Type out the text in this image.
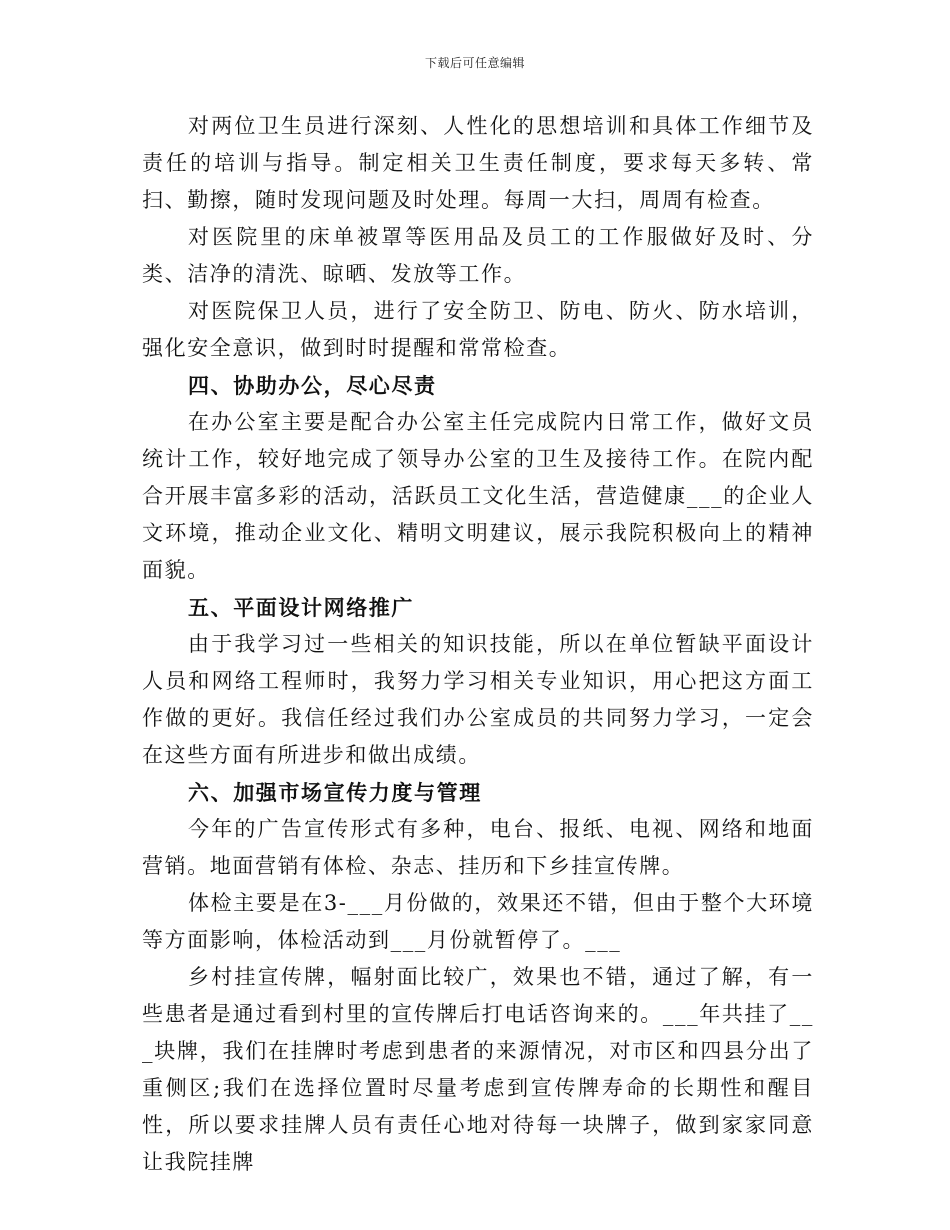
下载后可任意编辑

对两位卫生员进行深刻、人性化的思想培训和具体工作细节及责任的培训与指导。制定相关卫生责任制度，要求每天多转、常扫、勤擦，随时发现问题及时处理。每周一大扫，周周有检查。

对医院里的床单被罩等医用品及员工的工作服做好及时、分类、洁净的清洗、晾晒、发放等工作。

对医院保卫人员，进行了安全防卫、防电、防火、防水培训，强化安全意识，做到时时提醒和常常检查。

四、协助办公，尽心尽责

在办公室主要是配合办公室主任完成院内日常工作，做好文员统计工作，较好地完成了领导办公室的卫生及接待工作。在院内配合开展丰富多彩的活动，活跃员工文化生活，营造健康___的企业人文环境，推动企业文化、精明文明建议，展示我院积极向上的精神面貌。

五、平面设计网络推广

由于我学习过一些相关的知识技能，所以在单位暂缺平面设计人员和网络工程师时，我努力学习相关专业知识，用心把这方面工作做的更好。我信任经过我们办公室成员的共同努力学习，一定会在这些方面有所进步和做出成绩。

六、加强市场宣传力度与管理

今年的广告宣传形式有多种，电台、报纸、电视、网络和地面营销。地面营销有体检、杂志、挂历和下乡挂宣传牌。

体检主要是在3-___月份做的，效果还不错，但由于整个大环境等方面影响，体检活动到___月份就暂停了。___

乡村挂宣传牌，幅射面比较广，效果也不错，通过了解，有一些患者是通过看到村里的宣传牌后打电话咨询来的。___年共挂了___块牌，我们在挂牌时考虑到患者的来源情况，对市区和四县分出了重侧区;我们在选择位置时尽量考虑到宣传牌寿命的长期性和醒目性，所以要求挂牌人员有责任心地对待每一块牌子，做到家家同意让我院挂牌
